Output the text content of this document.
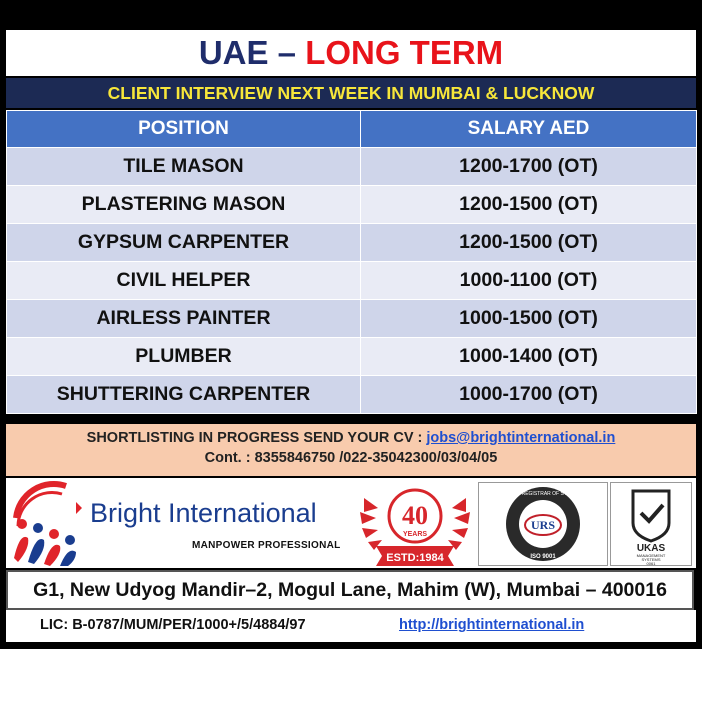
UAE – LONG TERM
CLIENT INTERVIEW NEXT WEEK IN MUMBAI & LUCKNOW
POSITION	SALARY AED
TILE MASON	1200-1700 (OT)
PLASTERING MASON	1200-1500 (OT)
GYPSUM CARPENTER	1200-1500 (OT)
CIVIL HELPER	1000-1100 (OT)
AIRLESS PAINTER	1000-1500 (OT)
PLUMBER	1000-1400 (OT)
SHUTTERING CARPENTER	1000-1700 (OT)
SHORTLISTING IN PROGRESS SEND YOUR CV : jobs@brightinternational.in
Cont. : 8355846750 /022-35042300/03/04/05
Bright International
MANPOWER PROFESSIONAL
40
YEARS
ESTD:1984
URS
UNITED REGISTRAR OF SYSTEMS
ISO 9001
UKAS
MANAGEMENT
SYSTEMS
0061
G1, New Udyog Mandir–2, Mogul Lane, Mahim (W), Mumbai – 400016
LIC: B-0787/MUM/PER/1000+/5/4884/97	http://brightinternational.in
